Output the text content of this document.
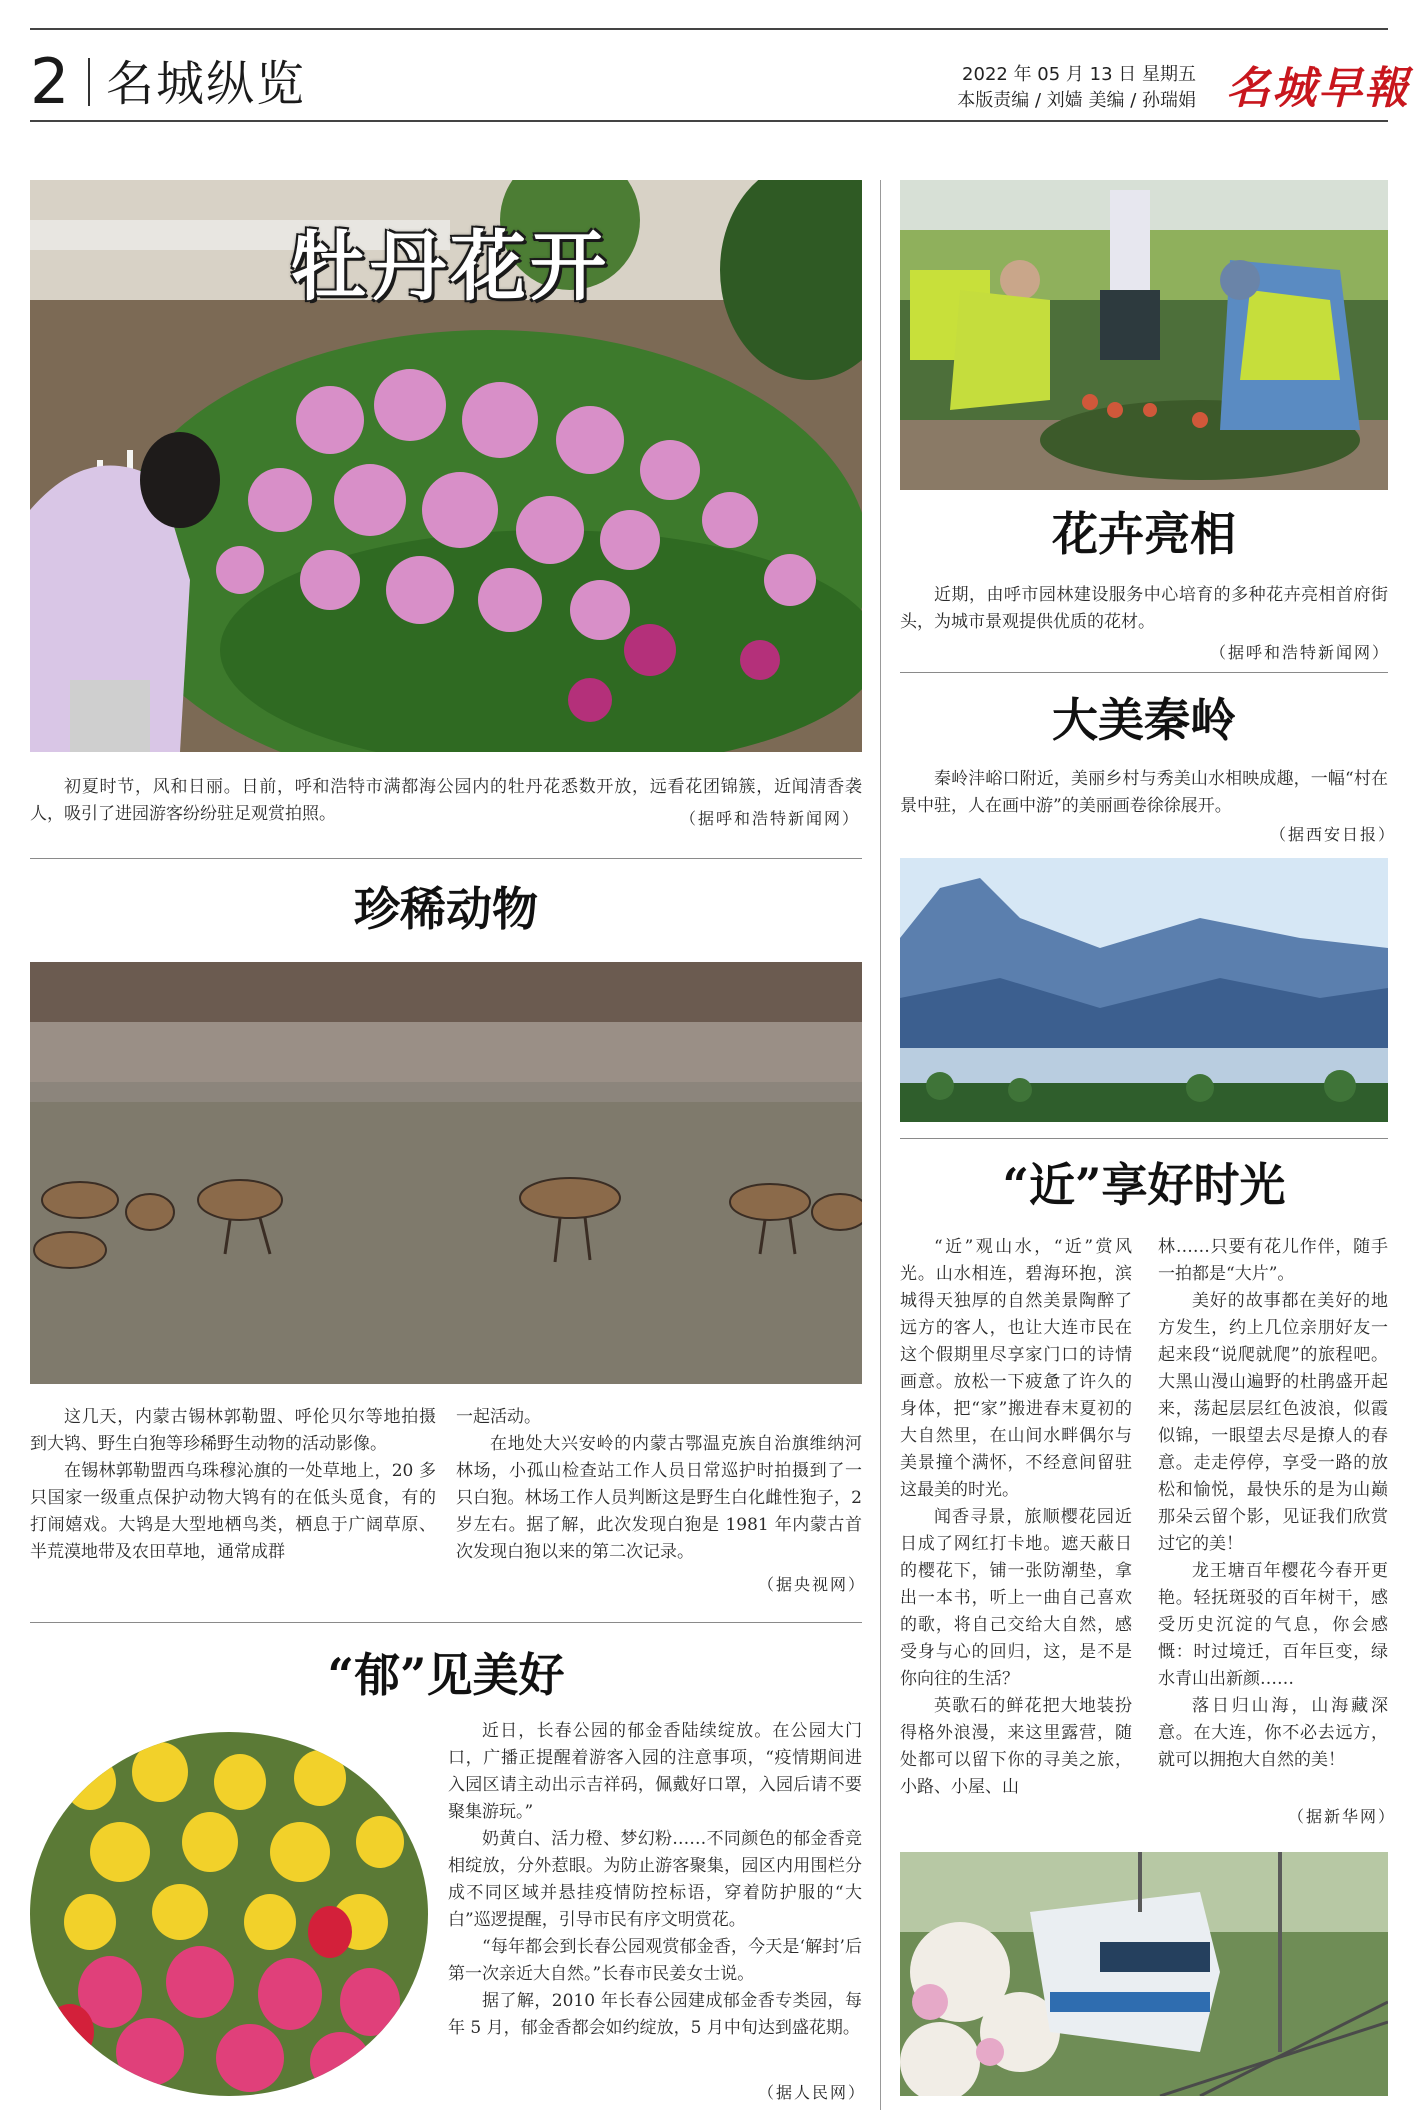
2 名城纵览	2022 年 05 月 13 日 星期五
本版责编 / 刘嫱 美编 / 孙瑞娟 名城早報
牡丹花开

初夏时节，风和日丽。日前，呼和浩特市满都海公园内的牡丹花悉数开放，远看花团锦簇，近闻清香袭人，吸引了进园游客纷纷驻足观赏拍照。	（据呼和浩特新闻网）
珍稀动物

这几天，内蒙古锡林郭勒盟、呼伦贝尔等地拍摄到大鸨、野生白狍等珍稀野生动物的活动影像。

在锡林郭勒盟西乌珠穆沁旗的一处草地上，20 多只国家一级重点保护动物大鸨有的在低头觅食，有的打闹嬉戏。大鸨是大型地栖鸟类，栖息于广阔草原、半荒漠地带及农田草地，通常成群

一起活动。

在地处大兴安岭的内蒙古鄂温克族自治旗维纳河林场，小孤山检查站工作人员日常巡护时拍摄到了一只白狍。林场工作人员判断这是野生白化雌性狍子，2 岁左右。据了解，此次发现白狍是 1981 年内蒙古首次发现白狍以来的第二次记录。

（据央视网）
“郁”见美好

近日，长春公园的郁金香陆续绽放。在公园大门口，广播正提醒着游客入园的注意事项，“疫情期间进入园区请主动出示吉祥码，佩戴好口罩，入园后请不要聚集游玩。”

奶黄白、活力橙、梦幻粉……不同颜色的郁金香竞相绽放，分外惹眼。为防止游客聚集，园区内用围栏分成不同区域并悬挂疫情防控标语，穿着防护服的“大白”巡逻提醒，引导市民有序文明赏花。

“每年都会到长春公园观赏郁金香，今天是‘解封’后第一次亲近大自然。”长春市民姜女士说。

据了解，2010 年长春公园建成郁金香专类园，每年 5 月，郁金香都会如约绽放，5 月中旬达到盛花期。

（据人民网）
花卉亮相

近期，由呼市园林建设服务中心培育的多种花卉亮相首府街头，为城市景观提供优质的花材。

（据呼和浩特新闻网）
大美秦岭

秦岭沣峪口附近，美丽乡村与秀美山水相映成趣，一幅“村在景中驻，人在画中游”的美丽画卷徐徐展开。

（据西安日报）
“近”享好时光

“近”观山水，“近”赏风光。山水相连，碧海环抱，滨城得天独厚的自然美景陶醉了远方的客人，也让大连市民在这个假期里尽享家门口的诗情画意。放松一下疲惫了许久的身体，把“家”搬进春末夏初的大自然里，在山间水畔偶尔与美景撞个满怀，不经意间留驻这最美的时光。

闻香寻景，旅顺樱花园近日成了网红打卡地。遮天蔽日的樱花下，铺一张防潮垫，拿出一本书，听上一曲自己喜欢的歌，将自己交给大自然，感受身与心的回归，这，是不是你向往的生活？

英歌石的鲜花把大地装扮得格外浪漫，来这里露营，随处都可以留下你的寻美之旅，小路、小屋、山

林……只要有花儿作伴，随手一拍都是“大片”。

美好的故事都在美好的地方发生，约上几位亲朋好友一起来段“说爬就爬”的旅程吧。大黑山漫山遍野的杜鹃盛开起来，荡起层层红色波浪，似霞似锦，一眼望去尽是撩人的春意。走走停停，享受一路的放松和愉悦，最快乐的是为山巅那朵云留个影，见证我们欣赏过它的美！

龙王塘百年樱花今春开更艳。轻抚斑驳的百年树干，感受历史沉淀的气息，你会感慨：时过境迁，百年巨变，绿水青山出新颜……

落日归山海，山海藏深意。在大连，你不必去远方，就可以拥抱大自然的美！

（据新华网）
